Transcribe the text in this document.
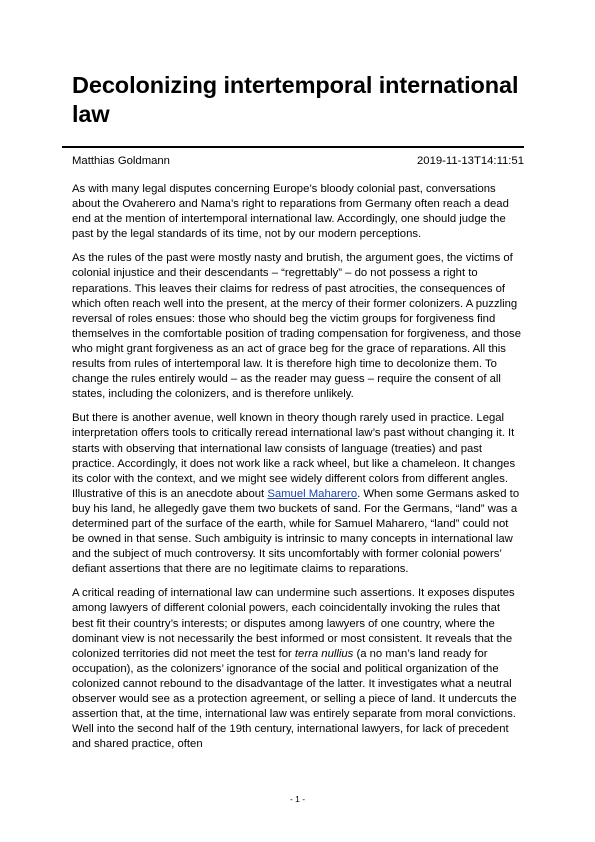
Decolonizing intertemporal international law
Matthias Goldmann	2019-11-13T14:11:51

As with many legal disputes concerning Europe’s bloody colonial past, conversations about the Ovaherero and Nama’s right to reparations from Germany often reach a dead end at the mention of intertemporal international law. Accordingly, one should judge the past by the legal standards of its time, not by our modern perceptions.

As the rules of the past were mostly nasty and brutish, the argument goes, the victims of colonial injustice and their descendants – “regrettably” – do not possess a right to reparations. This leaves their claims for redress of past atrocities, the consequences of which often reach well into the present, at the mercy of their former colonizers. A puzzling reversal of roles ensues: those who should beg the victim groups for forgiveness find themselves in the comfortable position of trading compensation for forgiveness, and those who might grant forgiveness as an act of grace beg for the grace of reparations. All this results from rules of intertemporal law. It is therefore high time to decolonize them. To change the rules entirely would – as the reader may guess – require the consent of all states, including the colonizers, and is therefore unlikely.

But there is another avenue, well known in theory though rarely used in practice. Legal interpretation offers tools to critically reread international law’s past without changing it. It starts with observing that international law consists of language (treaties) and past practice. Accordingly, it does not work like a rack wheel, but like a chameleon. It changes its color with the context, and we might see widely different colors from different angles. Illustrative of this is an anecdote about Samuel Maharero. When some Germans asked to buy his land, he allegedly gave them two buckets of sand. For the Germans, “land” was a determined part of the surface of the earth, while for Samuel Maharero, “land” could not be owned in that sense. Such ambiguity is intrinsic to many concepts in international law and the subject of much controversy. It sits uncomfortably with former colonial powers’ defiant assertions that there are no legitimate claims to reparations.

A critical reading of international law can undermine such assertions. It exposes disputes among lawyers of different colonial powers, each coincidentally invoking the rules that best fit their country’s interests; or disputes among lawyers of one country, where the dominant view is not necessarily the best informed or most consistent. It reveals that the colonized territories did not meet the test for terra nullius (a no man’s land ready for occupation), as the colonizers’ ignorance of the social and political organization of the colonized cannot rebound to the disadvantage of the latter. It investigates what a neutral observer would see as a protection agreement, or selling a piece of land. It undercuts the assertion that, at the time, international law was entirely separate from moral convictions. Well into the second half of the 19th century, international lawyers, for lack of precedent and shared practice, often

- 1 -
